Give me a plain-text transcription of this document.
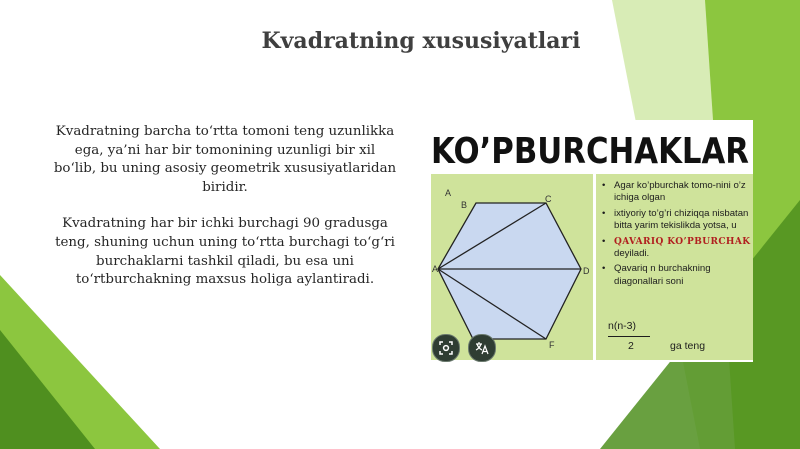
Kvadratning xususiyatlari

Kvadratning barcha to‘rtta tomoni teng uzunlikka ega, ya’ni har bir tomonining uzunligi bir xil bo‘lib, bu uning asosiy geometrik xususiyatlaridan biridir.

Kvadratning har bir ichki burchagi 90 gradusga teng, shuning uchun uning to‘rtta burchagi to‘g‘ri burchaklarni tashkil qiladi, bu esa uni to‘rtburchakning maxsus holiga aylantiradi.

KO’PBURCHAKLAR
A
B
C
D
A
F
• Agar ko’pburchak tomo-nini o’z ichiga olgan
• ixtiyoriy to’g’ri chiziqqa nisbatan bitta yarim tekislikda yotsa, u
• QAVARIQ KO’PBURCHAK deyiladi.
• Qavariq n burchakning diagonallari soni
n(n-3)
2	ga teng
